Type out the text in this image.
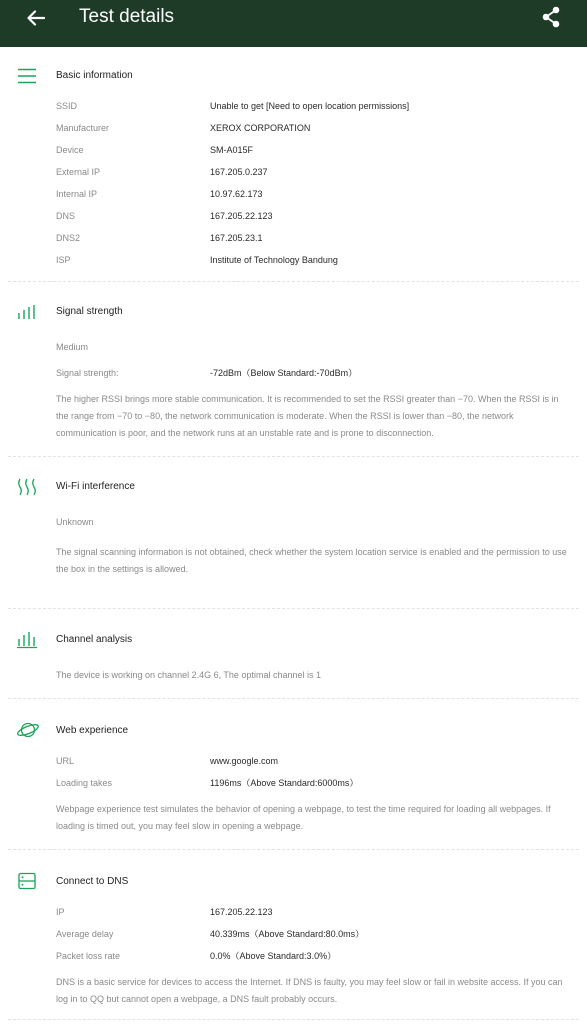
Test details
Basic information
SSID	Unable to get [Need to open location permissions]
Manufacturer	XEROX CORPORATION
Device	SM-A015F
External IP	167.205.0.237
Internal IP	10.97.62.173
DNS	167.205.22.123
DNS2	167.205.23.1
ISP	Institute of Technology Bandung
Signal strength
Medium
Signal strength:	-72dBm（Below Standard:-70dBm）
The higher RSSI brings more stable communication. It is recommended to set the RSSI greater than −70. When the RSSI is in the range from −70 to −80, the network communication is moderate. When the RSSI is lower than −80, the network communication is poor, and the network runs at an unstable rate and is prone to disconnection.
Wi-Fi interference
Unknown
The signal scanning information is not obtained, check whether the system location service is enabled and the permission to use the box in the settings is allowed.
Channel analysis
The device is working on channel 2.4G 6, The optimal channel is 1
Web experience
URL	www.google.com
Loading takes	1196ms（Above Standard:6000ms）
Webpage experience test simulates the behavior of opening a webpage, to test the time required for loading all webpages. If loading is timed out, you may feel slow in opening a webpage.
Connect to DNS
IP	167.205.22.123
Average delay	40.339ms（Above Standard:80.0ms）
Packet loss rate	0.0%（Above Standard:3.0%）
DNS is a basic service for devices to access the Internet. If DNS is faulty, you may feel slow or fail in website access. If you can log in to QQ but cannot open a webpage, a DNS fault probably occurs.
